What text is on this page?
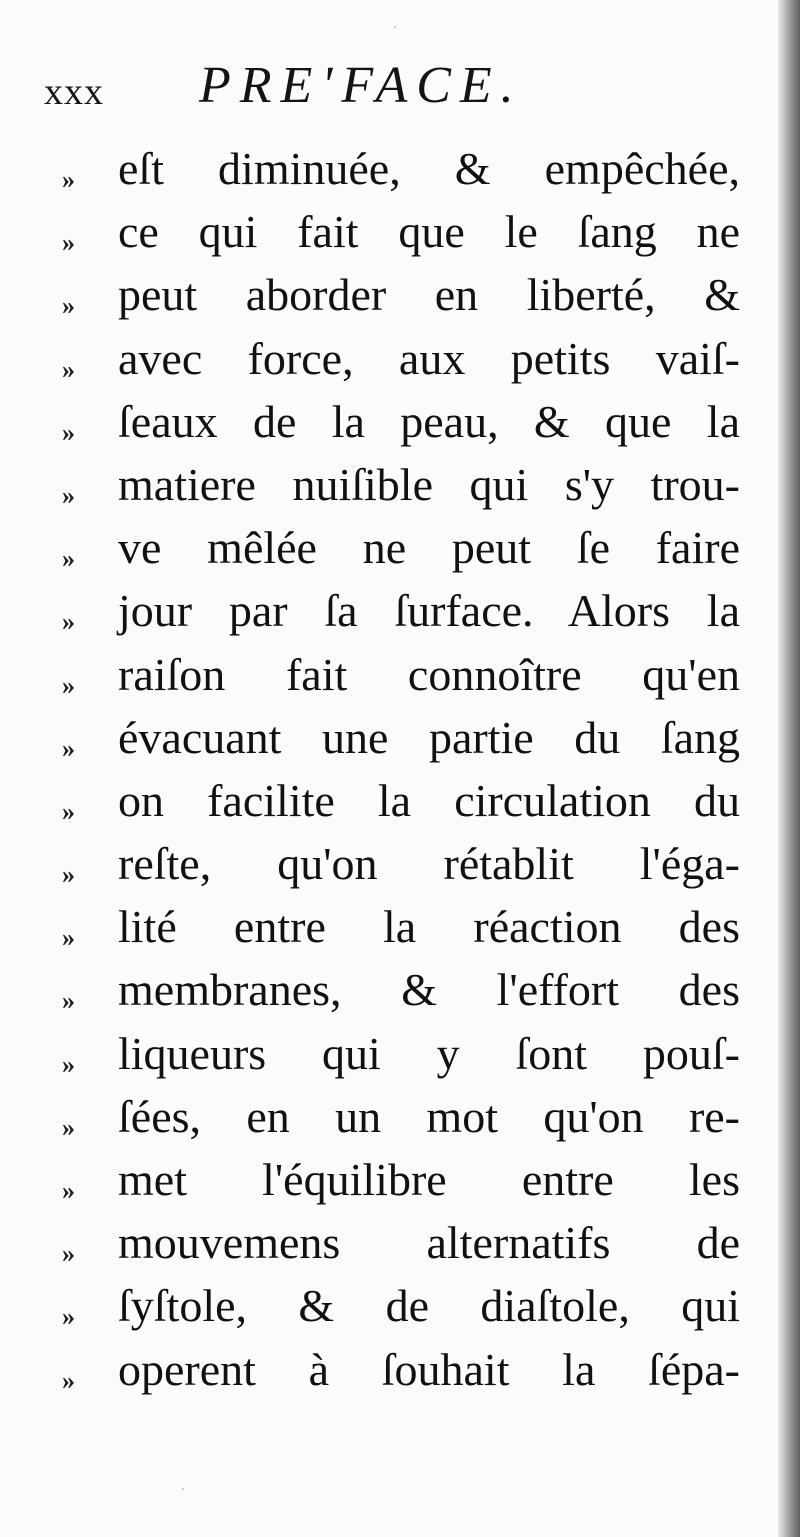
xxx PRE'FACE.
» eſt diminuée, & empêchée,
» ce qui fait que le ſang ne
» peut aborder en liberté, &
» avec force, aux petits vaiſ-
» ſeaux de la peau, & que la
» matiere nuiſible qui s'y trou-
» ve mêlée ne peut ſe faire
» jour par ſa ſurface. Alors la
» raiſon fait connoître qu'en
» évacuant une partie du ſang
» on facilite la circulation du
» reſte, qu'on rétablit l'éga-
» lité entre la réaction des
» membranes, & l'effort des
» liqueurs qui y ſont pouſ-
» ſées, en un mot qu'on re-
» met l'équilibre entre les
» mouvemens alternatifs de
» ſyſtole, & de diaſtole, qui
» operent à ſouhait la ſépa-
·
·
